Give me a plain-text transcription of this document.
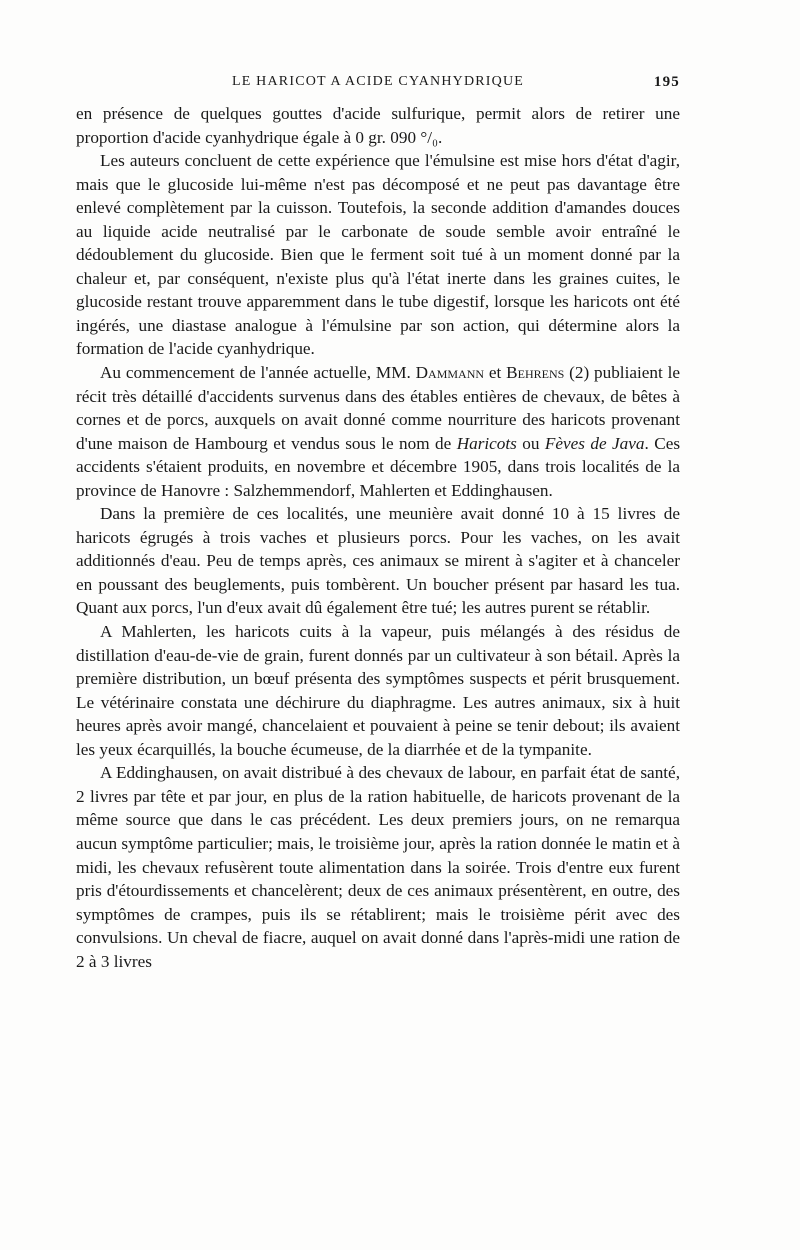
LE HARICOT A ACIDE CYANHYDRIQUE	195

en présence de quelques gouttes d'acide sulfurique, permit alors de retirer une proportion d'acide cyanhydrique égale à 0 gr. 090 °/₀.

Les auteurs concluent de cette expérience que l'émulsine est mise hors d'état d'agir, mais que le glucoside lui-même n'est pas décomposé et ne peut pas davantage être enlevé complètement par la cuisson. Toutefois, la seconde addition d'amandes douces au liquide acide neutralisé par le carbonate de soude semble avoir entraîné le dédoublement du glucoside. Bien que le ferment soit tué à un moment donné par la chaleur et, par conséquent, n'existe plus qu'à l'état inerte dans les graines cuites, le glucoside restant trouve apparemment dans le tube digestif, lorsque les haricots ont été ingérés, une diastase analogue à l'émulsine par son action, qui détermine alors la formation de l'acide cyanhydrique.

Au commencement de l'année actuelle, MM. Dammann et Behrens (2) publiaient le récit très détaillé d'accidents survenus dans des étables entières de chevaux, de bêtes à cornes et de porcs, auxquels on avait donné comme nourriture des haricots provenant d'une maison de Hambourg et vendus sous le nom de Haricots ou Fèves de Java. Ces accidents s'étaient produits, en novembre et décembre 1905, dans trois localités de la province de Hanovre : Salzhemmendorf, Mahlerten et Eddinghausen.

Dans la première de ces localités, une meunière avait donné 10 à 15 livres de haricots égrugés à trois vaches et plusieurs porcs. Pour les vaches, on les avait additionnés d'eau. Peu de temps après, ces animaux se mirent à s'agiter et à chanceler en poussant des beuglements, puis tombèrent. Un boucher présent par hasard les tua. Quant aux porcs, l'un d'eux avait dû également être tué; les autres purent se rétablir.

A Mahlerten, les haricots cuits à la vapeur, puis mélangés à des résidus de distillation d'eau-de-vie de grain, furent donnés par un cultivateur à son bétail. Après la première distribution, un bœuf présenta des symptômes suspects et périt brusquement. Le vétérinaire constata une déchirure du diaphragme. Les autres animaux, six à huit heures après avoir mangé, chancelaient et pouvaient à peine se tenir debout; ils avaient les yeux écarquillés, la bouche écumeuse, de la diarrhée et de la tympanite.

A Eddinghausen, on avait distribué à des chevaux de labour, en parfait état de santé, 2 livres par tête et par jour, en plus de la ration habituelle, de haricots provenant de la même source que dans le cas précédent. Les deux premiers jours, on ne remarqua aucun symptôme particulier; mais, le troisième jour, après la ration donnée le matin et à midi, les chevaux refusèrent toute alimentation dans la soirée. Trois d'entre eux furent pris d'étourdissements et chancelèrent; deux de ces animaux présentèrent, en outre, des symptômes de crampes, puis ils se rétablirent; mais le troisième périt avec des convulsions. Un cheval de fiacre, auquel on avait donné dans l'après-midi une ration de 2 à 3 livres
